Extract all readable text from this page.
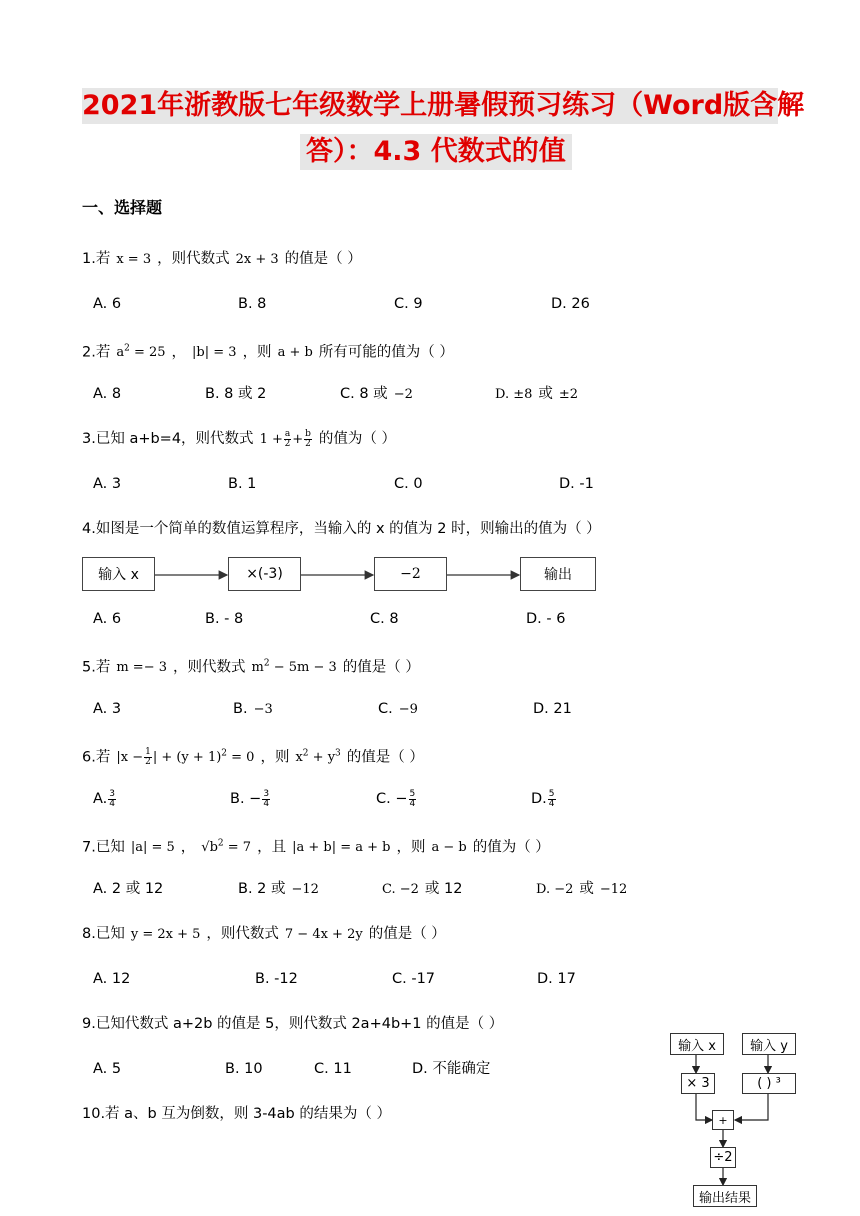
2021年浙教版七年级数学上册暑假预习练习（Word版含解
答）：4.3 代数式的值
一、选择题
1.若 x = 3 ，则代数式 2x + 3 的值是（ ）
A. 6	B. 8	C. 9	D. 26
2.若 $a^2 = 25$ ， |b| = 3 ，则 a + b 所有可能的值为（ ）
A. 8	B. 8 或 2	C. 8 或 −2	D. ±8 或 ±2
3.已知 a+b=4，则代数式 $1 + \frac{a}{2} + \frac{b}{2}$ 的值为（ ）
A. 3	B. 1	C. 0	D. -1
4.如图是一个简单的数值运算程序，当输入的 x 的值为 2 时，则输出的值为（ ）
输入 x	×(-3)	−2	输出
A. 6	B. - 8	C. 8	D. - 6
5.若 m =− 3 ，则代数式 $m^2 - 5m - 3$ 的值是（ ）
A. 3	B. −3	C. −9	D. 21
6.若 $|x - \frac{1}{2}$ | + $(y + 1)^2 = 0$ ，则 $x^2 + y^3$ 的值是（ ）
A. $\frac{3}{4}$	B. − $\frac{3}{4}$	C. − $\frac{5}{4}$	D. $\frac{5}{4}$
7.已知 |a| = 5 ， $√b^2 = 7$ ，且 |a + b| = a + b ，则 a − b 的值为（ ）
A. 2 或 12	B. 2 或 −12	C. −2 或 12	D. −2 或 −12
8.已知 y = 2x + 5 ，则代数式 7 − 4x + 2y 的值是（ ）
A. 12	B. -12	C. -17	D. 17
9.已知代数式 a+2b 的值是 5，则代数式 2a+4b+1 的值是（ ）
A. 5	B. 10	C. 11	D. 不能确定
10.若 a、b 互为倒数，则 3-4ab 的结果为（ ）
输入 x	输入 y
× 3	( ) ³
+
÷2
输出结果
